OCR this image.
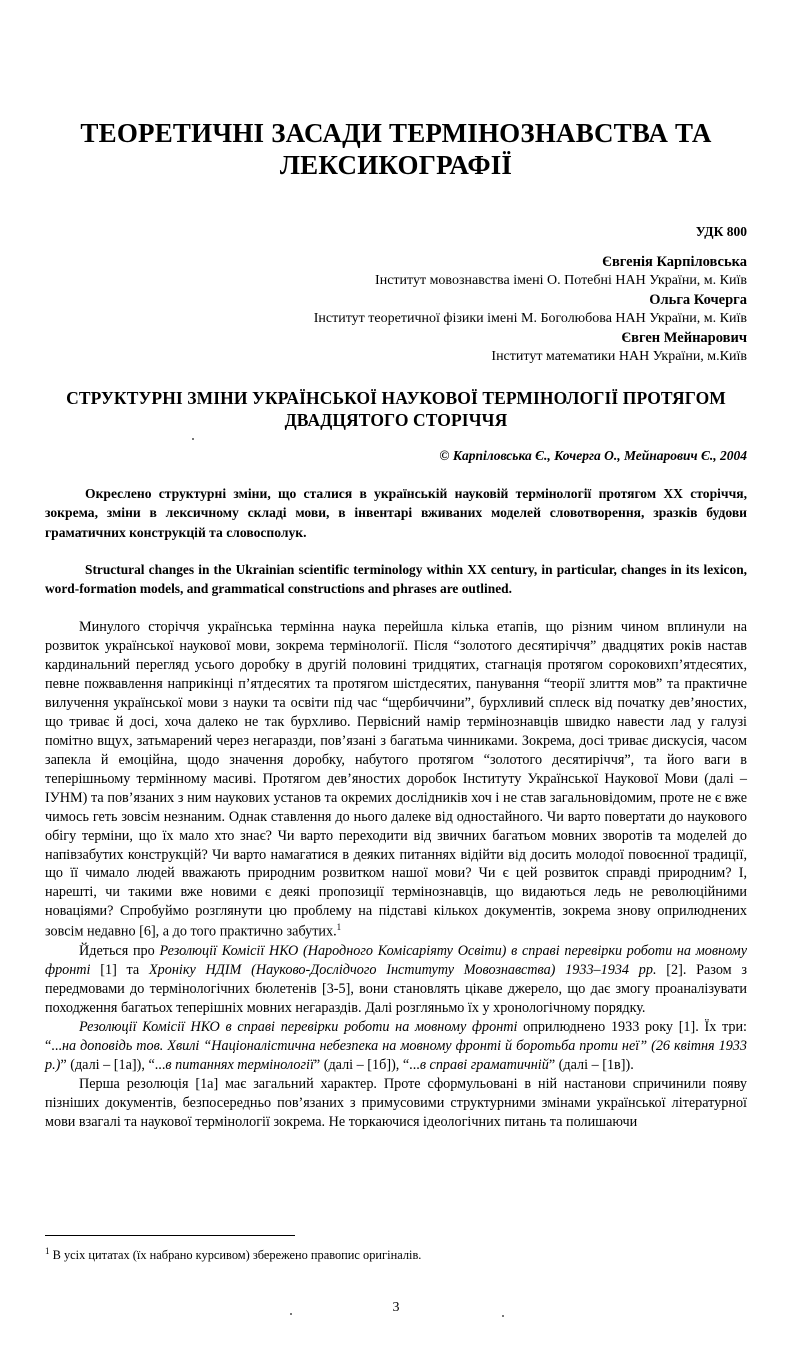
ТЕОРЕТИЧНІ ЗАСАДИ ТЕРМІНОЗНАВСТВА ТА ЛЕКСИКОГРАФІЇ
УДК 800
Євгенія Карпіловська
Інститут мовознавства імені О. Потебні НАН України, м. Київ
Ольга Кочерга
Інститут теоретичної фізики імені М. Боголюбова НАН України, м. Київ
Євген Мейнарович
Інститут математики НАН України, м.Київ
СТРУКТУРНІ ЗМІНИ УКРАЇНСЬКОЇ НАУКОВОЇ ТЕРМІНОЛОГІЇ ПРОТЯГОМ ДВАДЦЯТОГО СТОРІЧЧЯ
© Карпіловська Є., Кочерга О., Мейнарович Є., 2004
Окреслено структурні зміни, що сталися в українській науковій термінології протягом ХХ сторіччя, зокрема, зміни в лексичному складі мови, в інвентарі вживаних моделей словотворення, зразків будови граматичних конструкцій та словосполук.
Structural changes in the Ukrainian scientific terminology within XX century, in particular, changes in its lexicon, word-formation models, and grammatical constructions and phrases are outlined.

Минулого сторіччя українська термінна наука перейшла кілька етапів, що різним чином вплинули на розвиток української наукової мови, зокрема термінології. Після “золотого десятиріччя” двадцятих років настав кардинальний перегляд усього доробку в другій половині тридцятих, стагнація протягом сороковихп’ятдесятих, певне пожвавлення наприкінці п’ятдесятих та протягом шістдесятих, панування “теорії злиття мов” та практичне вилучення української мови з науки та освіти під час “щербиччини”, бурхливий сплеск від початку дев’яностих, що триває й досі, хоча далеко не так бурхливо. Первісний намір термінознавців швидко навести лад у галузі помітно вщух, затьмарений через негаразди, пов’язані з багатьма чинниками. Зокрема, досі триває дискусія, часом запекла й емоційна, щодо значення доробку, набутого протягом “золотого десятиріччя”, та його ваги в теперішньому термінному масиві. Протягом дев’яностих доробок Інституту Української Наукової Мови (далі – ІУНМ) та пов’язаних з ним наукових установ та окремих дослідників хоч і не став загальновідомим, проте не є вже чимось геть зовсім незнаним. Однак ставлення до нього далеке від одностайного. Чи варто повертати до наукового обігу терміни, що їх мало хто знає? Чи варто переходити від звичних багатьом мовних зворотів та моделей до напівзабутих конструкцій? Чи варто намагатися в деяких питаннях відійти від досить молодої повоєнної традиції, що її чимало людей вважають природним розвитком нашої мови? Чи є цей розвиток справді природним? І, нарешті, чи такими вже новими є деякі пропозиції термінознавців, що видаються ледь не революційними новаціями? Спробуймо розглянути цю проблему на підставі кількох документів, зокрема знову оприлюднених зовсім недавно [6], а до того практично забутих.$^1$

Йдеться про Резолюції Комісії НКО (Народного Комісаріяту Освіти) в справі перевірки роботи на мовному фронті [1] та Хроніку НДІМ (Науково-Дослідчого Інституту Мовознавства) 1933–1934 рр. [2]. Разом з передмовами до термінологічних бюлетенів [3-5], вони становлять цікаве джерело, що дає змогу проаналізувати походження багатьох теперішніх мовних негараздів. Далі розгляньмо їх у хронологічному порядку.

Резолюції Комісії НКО в справі перевірки роботи на мовному фронті оприлюднено 1933 року [1]. Їх три: “...на доповідь тов. Хвилі “Націоналістична небезпека на мовному фронті й боротьба проти неї” (26 квітня 1933 р.)” (далі – [1а]), “...в питаннях термінології” (далі – [1б]), “...в справі граматичній” (далі – [1в]).

Перша резолюція [1а] має загальний характер. Проте сформульовані в ній настанови спричинили появу пізніших документів, безпосередньо пов’язаних з примусовими структурними змінами української літературної мови взагалі та наукової термінології зокрема. Не торкаючися ідеологічних питань та полишаючи

$^1$ В усіх цитатах (їх набрано курсивом) збережено правопис оригіналів.
3
